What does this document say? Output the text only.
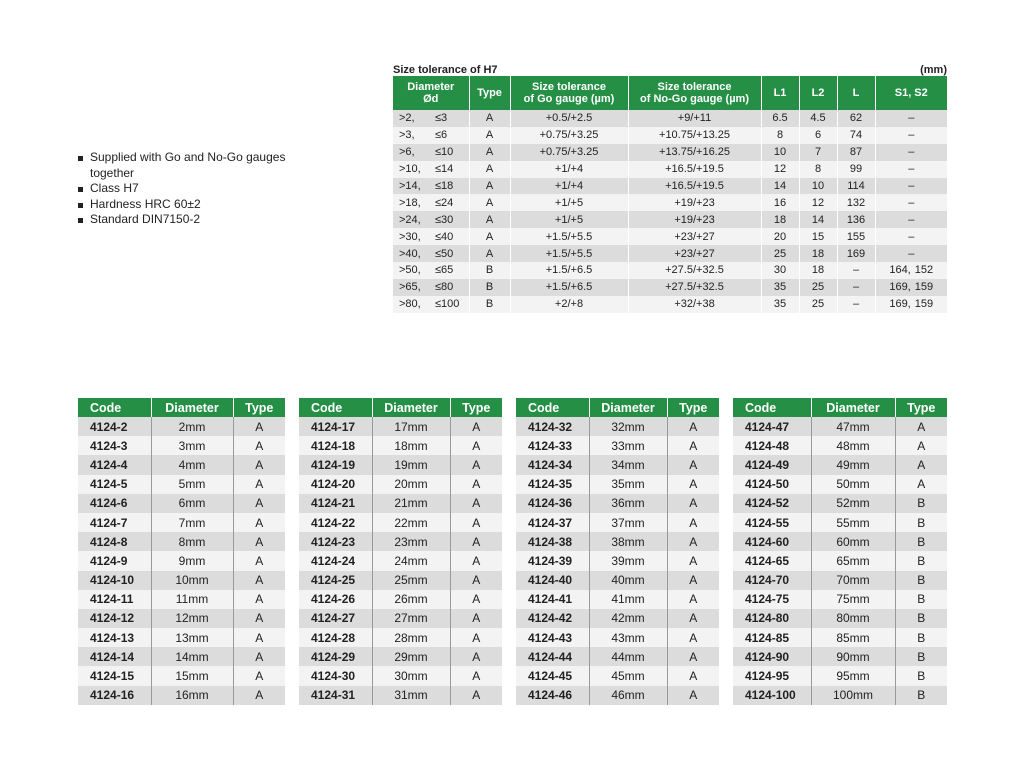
Supplied with Go and No-Go gauges together
Class H7
Hardness HRC 60±2
Standard DIN7150-2
Size tolerance of H7	(mm)
Diameter
Ød	Type	Size tolerance
of Go gauge (µm)	Size tolerance
of No-Go gauge (µm)	L1	L2	L	S1, S2
>2, ≤3	A	+0.5/+2.5	+9/+11	6.5	4.5	62	–
>3, ≤6	A	+0.75/+3.25	+10.75/+13.25	8	6	74	–
>6, ≤10	A	+0.75/+3.25	+13.75/+16.25	10	7	87	–
>10, ≤14	A	+1/+4	+16.5/+19.5	12	8	99	–
>14, ≤18	A	+1/+4	+16.5/+19.5	14	10	114	–
>18, ≤24	A	+1/+5	+19/+23	16	12	132	–
>24, ≤30	A	+1/+5	+19/+23	18	14	136	–
>30, ≤40	A	+1.5/+5.5	+23/+27	20	15	155	–
>40, ≤50	A	+1.5/+5.5	+23/+27	25	18	169	–
>50, ≤65	B	+1.5/+6.5	+27.5/+32.5	30	18	–	164, 152
>65, ≤80	B	+1.5/+6.5	+27.5/+32.5	35	25	–	169, 159
>80, ≤100	B	+2/+8	+32/+38	35	25	–	169, 159
Code	Diameter	Type
4124-2	2mm	A
4124-3	3mm	A
4124-4	4mm	A
4124-5	5mm	A
4124-6	6mm	A
4124-7	7mm	A
4124-8	8mm	A
4124-9	9mm	A
4124-10	10mm	A
4124-11	11mm	A
4124-12	12mm	A
4124-13	13mm	A
4124-14	14mm	A
4124-15	15mm	A
4124-16	16mm	A
Code	Diameter	Type
4124-17	17mm	A
4124-18	18mm	A
4124-19	19mm	A
4124-20	20mm	A
4124-21	21mm	A
4124-22	22mm	A
4124-23	23mm	A
4124-24	24mm	A
4124-25	25mm	A
4124-26	26mm	A
4124-27	27mm	A
4124-28	28mm	A
4124-29	29mm	A
4124-30	30mm	A
4124-31	31mm	A
Code	Diameter	Type
4124-32	32mm	A
4124-33	33mm	A
4124-34	34mm	A
4124-35	35mm	A
4124-36	36mm	A
4124-37	37mm	A
4124-38	38mm	A
4124-39	39mm	A
4124-40	40mm	A
4124-41	41mm	A
4124-42	42mm	A
4124-43	43mm	A
4124-44	44mm	A
4124-45	45mm	A
4124-46	46mm	A
Code	Diameter	Type
4124-47	47mm	A
4124-48	48mm	A
4124-49	49mm	A
4124-50	50mm	A
4124-52	52mm	B
4124-55	55mm	B
4124-60	60mm	B
4124-65	65mm	B
4124-70	70mm	B
4124-75	75mm	B
4124-80	80mm	B
4124-85	85mm	B
4124-90	90mm	B
4124-95	95mm	B
4124-100	100mm	B
